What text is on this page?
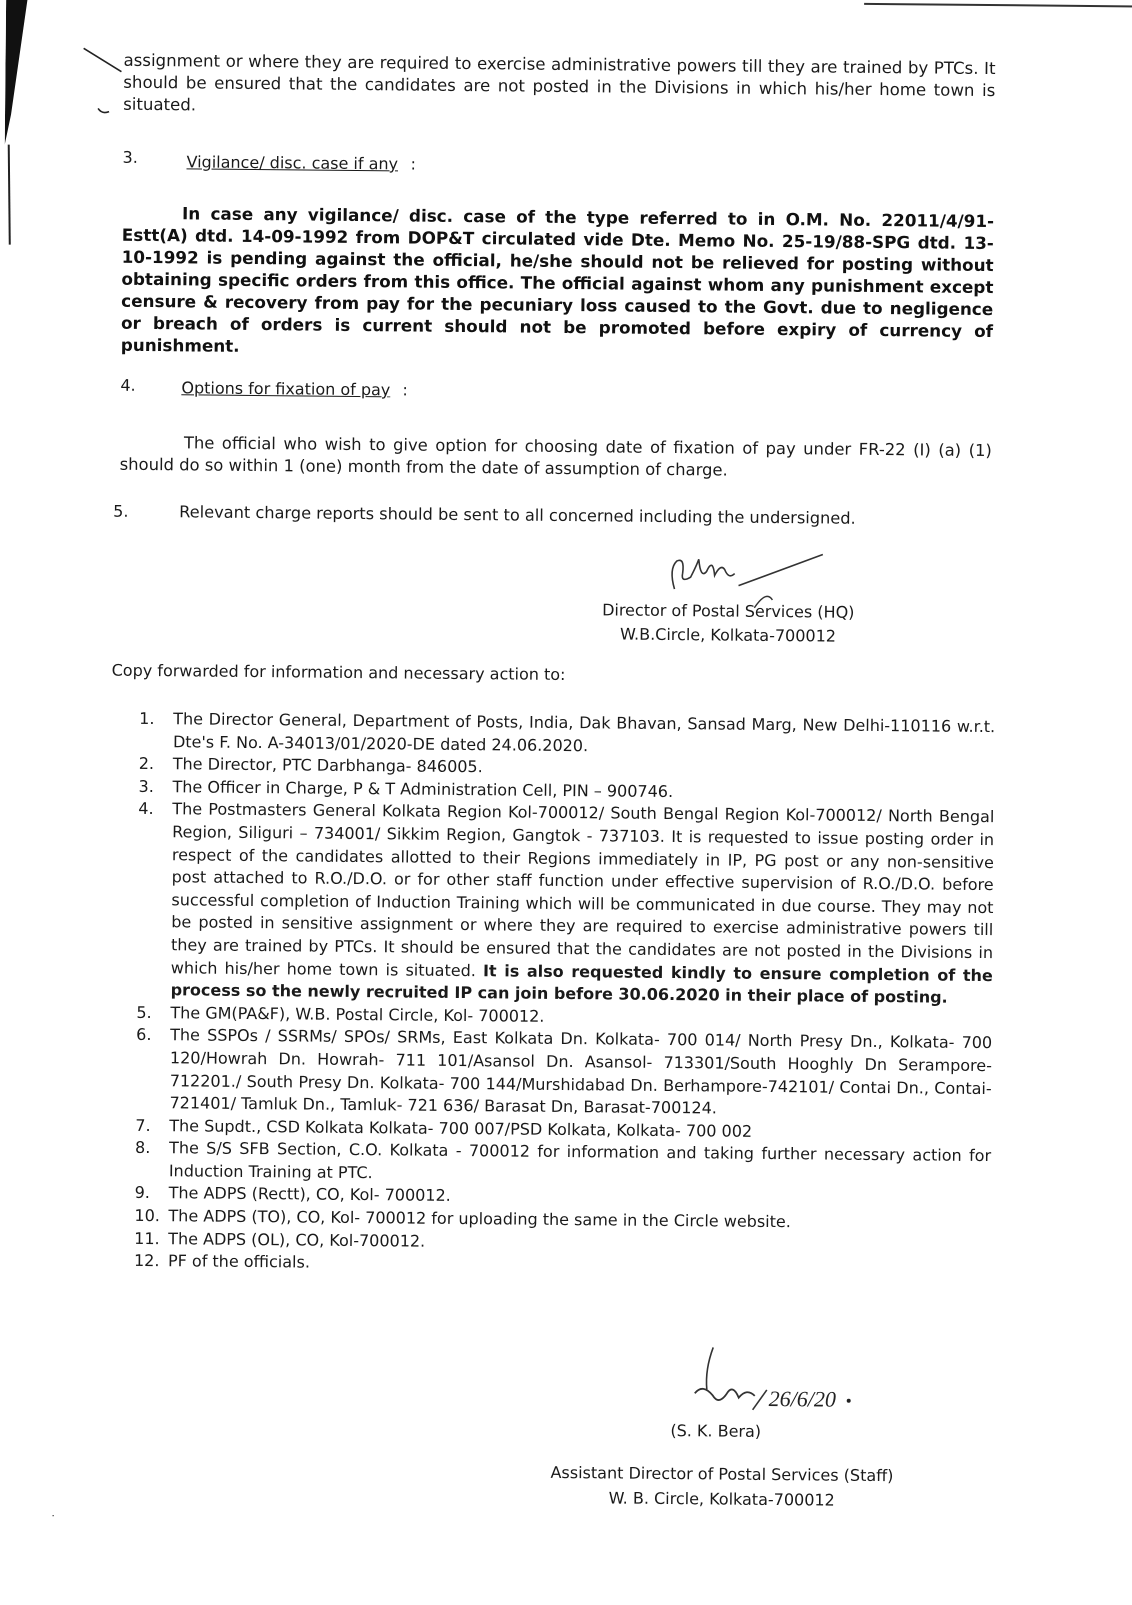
assignment or where they are required to exercise administrative powers till they are trained by PTCs. It should be ensured that the candidates are not posted in the Divisions in which his/her home town is situated.

3.	Vigilance/ disc. case if any :

In case any vigilance/ disc. case of the type referred to in O.M. No. 22011/4/91-Estt(A) dtd. 14-09-1992 from DOP&T circulated vide Dte. Memo No. 25-19/88-SPG dtd. 13-10-1992 is pending against the official, he/she should not be relieved for posting without obtaining specific orders from this office. The official against whom any punishment except censure & recovery from pay for the pecuniary loss caused to the Govt. due to negligence or breach of orders is current should not be promoted before expiry of currency of punishment.

4.	Options for fixation of pay :

The official who wish to give option for choosing date of fixation of pay under FR-22 (I) (a) (1) should do so within 1 (one) month from the date of assumption of charge.

5.	Relevant charge reports should be sent to all concerned including the undersigned.

Director of Postal Services (HQ)
W.B.Circle, Kolkata-700012

Copy forwarded for information and necessary action to:

1.	The Director General, Department of Posts, India, Dak Bhavan, Sansad Marg, New Delhi-110116 w.r.t. Dte's F. No. A-34013/01/2020-DE dated 24.06.2020.
2.	The Director, PTC Darbhanga- 846005.
3.	The Officer in Charge, P & T Administration Cell, PIN – 900746.
4.	The Postmasters General Kolkata Region Kol-700012/ South Bengal Region Kol-700012/ North Bengal Region, Siliguri – 734001/ Sikkim Region, Gangtok - 737103. It is requested to issue posting order in respect of the candidates allotted to their Regions immediately in IP, PG post or any non-sensitive post attached to R.O./D.O. or for other staff function under effective supervision of R.O./D.O. before successful completion of Induction Training which will be communicated in due course. They may not be posted in sensitive assignment or where they are required to exercise administrative powers till they are trained by PTCs. It should be ensured that the candidates are not posted in the Divisions in which his/her home town is situated. It is also requested kindly to ensure completion of the process so the newly recruited IP can join before 30.06.2020 in their place of posting.
5.	The GM(PA&F), W.B. Postal Circle, Kol- 700012.
6.	The SSPOs / SSRMs/ SPOs/ SRMs, East Kolkata Dn. Kolkata- 700 014/ North Presy Dn., Kolkata- 700 120/Howrah Dn. Howrah- 711 101/Asansol Dn. Asansol- 713301/South Hooghly Dn Serampore- 712201./ South Presy Dn. Kolkata- 700 144/Murshidabad Dn. Berhampore-742101/ Contai Dn., Contai- 721401/ Tamluk Dn., Tamluk- 721 636/ Barasat Dn, Barasat-700124.
7.	The Supdt., CSD Kolkata Kolkata- 700 007/PSD Kolkata, Kolkata- 700 002
8.	The S/S SFB Section, C.O. Kolkata - 700012 for information and taking further necessary action for Induction Training at PTC.
9.	The ADPS (Rectt), CO, Kol- 700012.
10. The ADPS (TO), CO, Kol- 700012 for uploading the same in the Circle website.
11. The ADPS (OL), CO, Kol-700012.
12. PF of the officials.
26/6/20
(S. K. Bera)
Assistant Director of Postal Services (Staff)
W. B. Circle, Kolkata-700012
·
